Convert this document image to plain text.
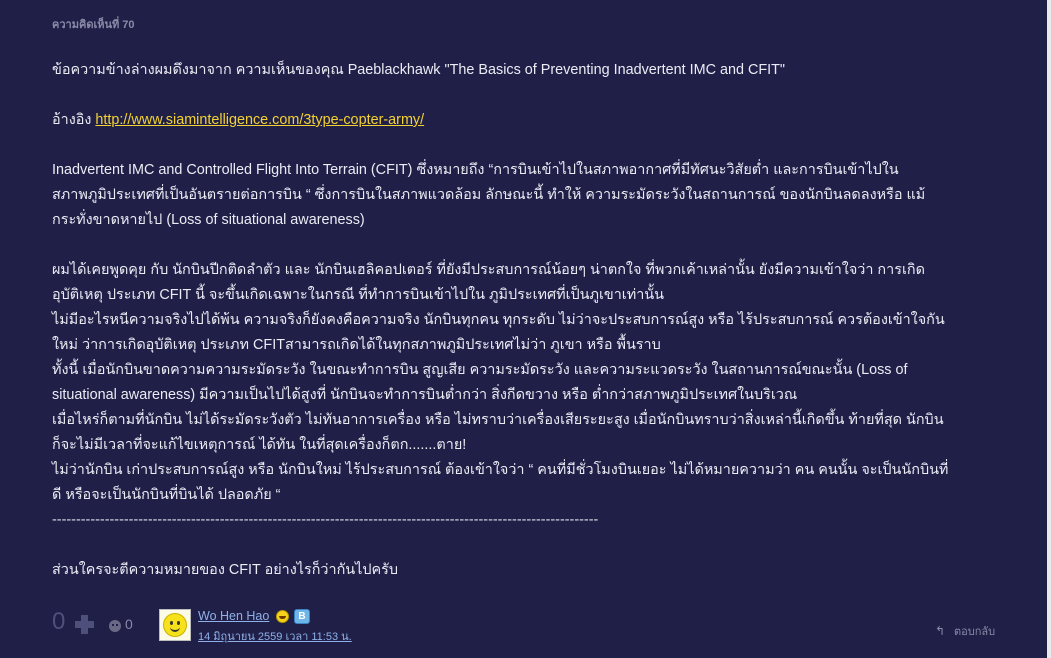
ความคิดเห็นที่ 70

ข้อความข้างล่างผมดึงมาจาก ความเห็นของคุณ Paeblackhawk "The Basics of Preventing Inadvertent IMC and CFIT"

อ้างอิง http://www.siamintelligence.com/3type-copter-army/

Inadvertent IMC and Controlled Flight Into Terrain (CFIT) ซึ่งหมายถึง “การบินเข้าไปในสภาพอากาศที่มีทัศนะวิสัยต่ำ และการบินเข้าไปใน

สภาพภูมิประเทศที่เป็นอันตรายต่อการบิน “ ซึ่งการบินในสภาพแวดล้อม ลักษณะนี้ ทำให้ ความระมัดระวังในสถานการณ์ ของนักบินลดลงหรือ แม้

กระทั่งขาดหายไป (Loss of situational awareness)

ผมได้เคยพูดคุย กับ นักบินปีกติดลำตัว และ นักบินเฮลิคอปเตอร์ ที่ยังมีประสบการณ์น้อยๆ น่าตกใจ ที่พวกเค้าเหล่านั้น ยังมีความเข้าใจว่า การเกิด

อุบัติเหตุ ประเภท CFIT นี้ จะขึ้นเกิดเฉพาะในกรณี ที่ทำการบินเข้าไปใน ภูมิประเทศที่เป็นภูเขาเท่านั้น

ไม่มีอะไรหนีความจริงไปได้พ้น ความจริงก็ยังคงคือความจริง นักบินทุกคน ทุกระดับ ไม่ว่าจะประสบการณ์สูง หรือ ไร้ประสบการณ์ ควรต้องเข้าใจกัน

ใหม่ ว่าการเกิดอุบัติเหตุ ประเภท CFITสามารถเกิดได้ในทุกสภาพภูมิประเทศไม่ว่า ภูเขา หรือ พื้นราบ

ทั้งนี้ เมื่อนักบินขาดความความระมัดระวัง ในขณะทำการบิน สูญเสีย ความระมัดระวัง และความระแวดระวัง ในสถานการณ์ขณะนั้น (Loss of

situational awareness) มีความเป็นไปได้สูงที่ นักบินจะทำการบินต่ำกว่า สิ่งกีดขวาง หรือ ต่ำกว่าสภาพภูมิประเทศในบริเวณ

เมื่อไหร่ก็ตามที่นักบิน ไม่ได้ระมัดระวังตัว ไม่ทันอาการเครื่อง หรือ ไม่ทราบว่าเครื่องเสียระยะสูง เมื่อนักบินทราบว่าสิ่งเหล่านี้เกิดขึ้น ท้ายที่สุด นักบิน

ก็จะไม่มีเวลาที่จะแก้ไขเหตุการณ์ ได้ทัน ในที่สุดเครื่องก็ตก.......ตาย!

ไม่ว่านักบิน เก่าประสบการณ์สูง หรือ นักบินใหม่ ไร้ประสบการณ์ ต้องเข้าใจว่า “ คนที่มีชั่วโมงบินเยอะ ไม่ได้หมายความว่า คน คนนั้น จะเป็นนักบินที่

ดี หรือจะเป็นนักบินที่บินได้ ปลอดภัย “

------------------------------------------------------------------------------------------------------------------

ส่วนใครจะตีความหมายของ CFIT อย่างไรก็ว่ากันไปครับ

0	0	Wo Hen Hao	B
14 มิถุนายน 2559 เวลา 11:53 น.	↰ ตอบกลับ
